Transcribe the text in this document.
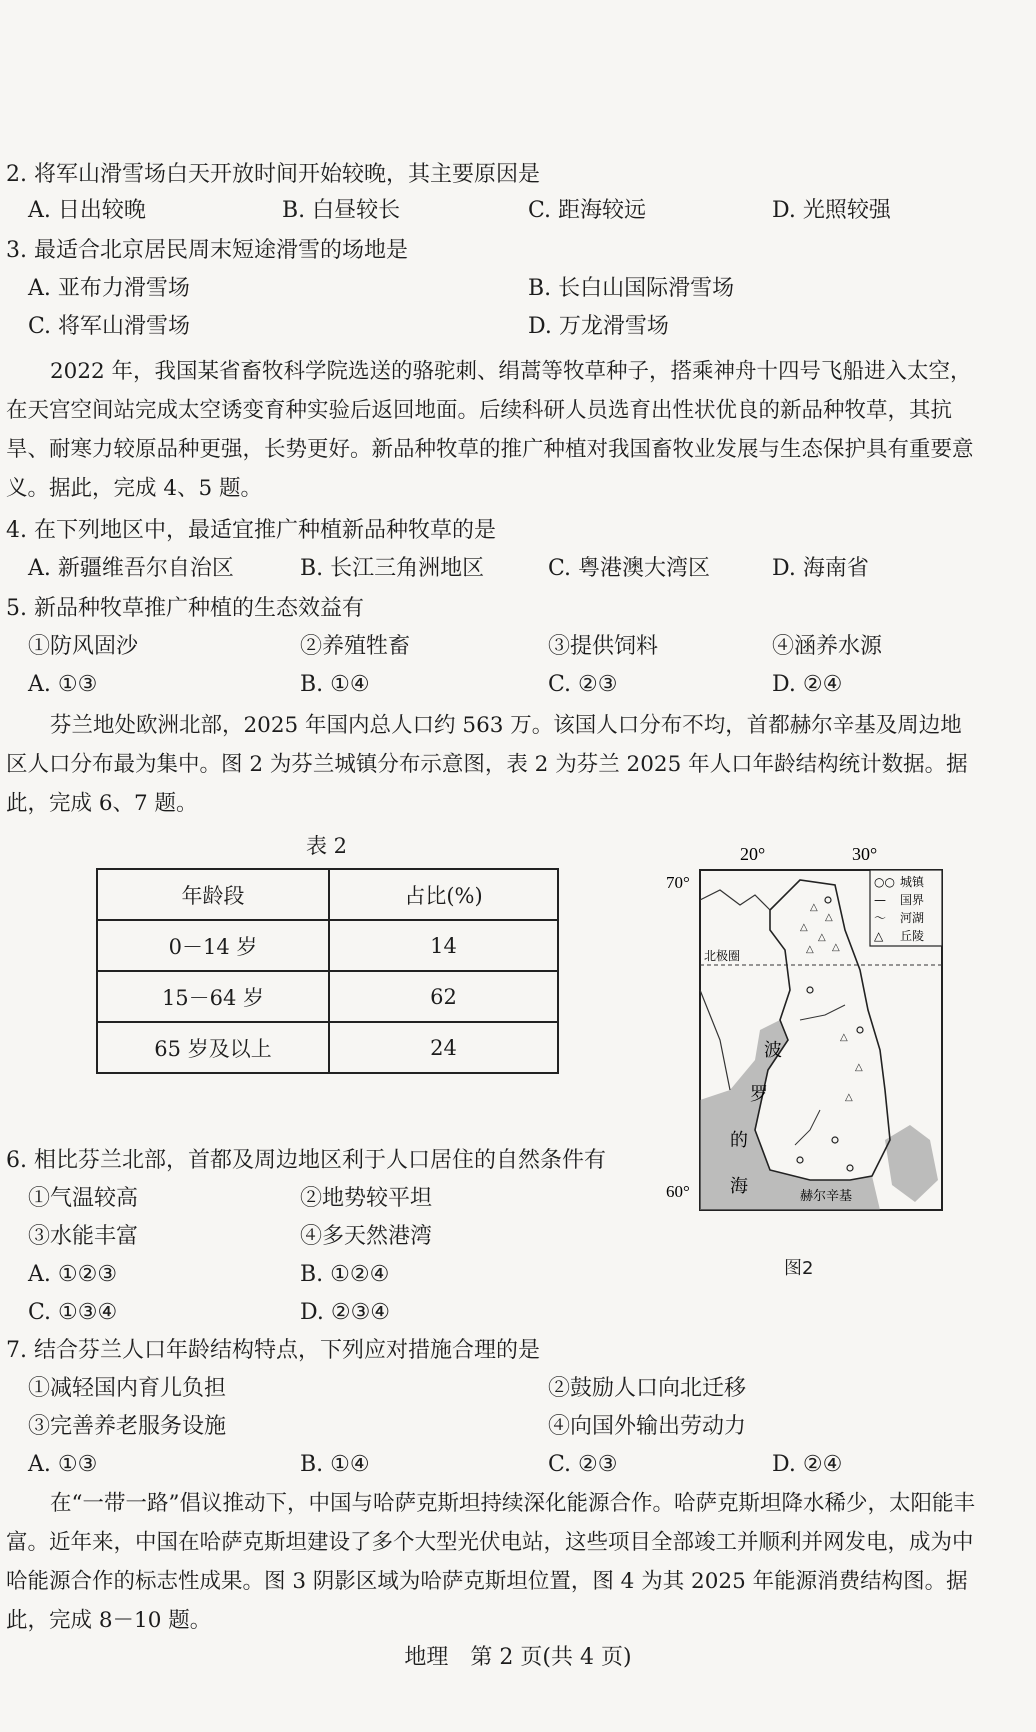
2. 将军山滑雪场白天开放时间开始较晚，其主要原因是
A. 日出较晚	B. 白昼较长	C. 距海较远	D. 光照较强
3. 最适合北京居民周末短途滑雪的场地是
A. 亚布力滑雪场	B. 长白山国际滑雪场
C. 将军山滑雪场	D. 万龙滑雪场
2022 年，我国某省畜牧科学院选送的骆驼刺、绢蒿等牧草种子，搭乘神舟十四号飞船进入太空，在天宫空间站完成太空诱变育种实验后返回地面。后续科研人员选育出性状优良的新品种牧草，其抗旱、耐寒力较原品种更强，长势更好。新品种牧草的推广种植对我国畜牧业发展与生态保护具有重要意义。据此，完成 4、5 题。
4. 在下列地区中，最适宜推广种植新品种牧草的是
A. 新疆维吾尔自治区	B. 长江三角洲地区	C. 粤港澳大湾区	D. 海南省
5. 新品种牧草推广种植的生态效益有
①防风固沙	②养殖牲畜	③提供饲料	④涵养水源
A. ①③	B. ①④	C. ②③	D. ②④
芬兰地处欧洲北部，2025 年国内总人口约 563 万。该国人口分布不均，首都赫尔辛基及周边地区人口分布最为集中。图 2 为芬兰城镇分布示意图，表 2 为芬兰 2025 年人口年龄结构统计数据。据此，完成 6、7 题。
表 2
年龄段	占比(%)
0－14 岁	14
15－64 岁	62
65 岁及以上	24
20°	30°
70°
60°
北极圈
△
△
△
△
△
△
△
△
△
波
罗
的
海	赫尔辛基
○○ 城镇
— 国界
～ 河湖
△ 丘陵
图2
6. 相比芬兰北部，首都及周边地区利于人口居住的自然条件有
①气温较高	②地势较平坦
③水能丰富	④多天然港湾
A. ①②③	B. ①②④
C. ①③④	D. ②③④
7. 结合芬兰人口年龄结构特点，下列应对措施合理的是
①减轻国内育儿负担	②鼓励人口向北迁移
③完善养老服务设施	④向国外输出劳动力
A. ①③	B. ①④	C. ②③	D. ②④
在“一带一路”倡议推动下，中国与哈萨克斯坦持续深化能源合作。哈萨克斯坦降水稀少，太阳能丰富。近年来，中国在哈萨克斯坦建设了多个大型光伏电站，这些项目全部竣工并顺利并网发电，成为中哈能源合作的标志性成果。图 3 阴影区域为哈萨克斯坦位置，图 4 为其 2025 年能源消费结构图。据此，完成 8－10 题。
地理　第 2 页(共 4 页)
